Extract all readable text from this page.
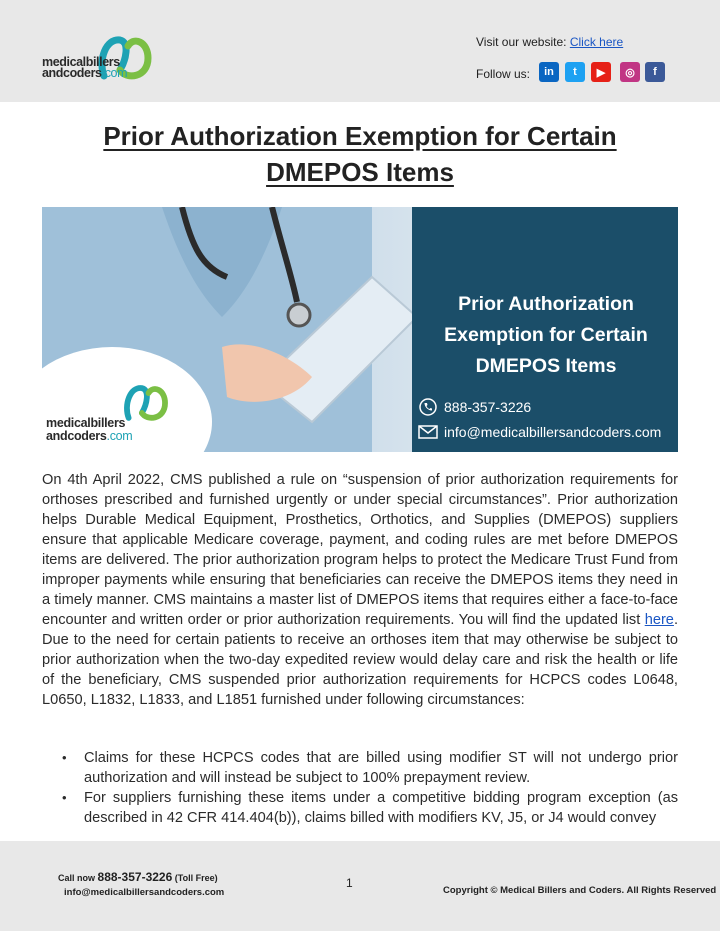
medicalbillers
andcoders.com
Visit our website: Click here
Follow us:	in	t	▶	◎	f
Prior Authorization Exemption for Certain
DMEPOS Items
Prior Authorization
Exemption for Certain
DMEPOS Items
888-357-3226
info@medicalbillersandcoders.com
medicalbillers
andcoders.com
On 4th April 2022, CMS published a rule on “suspension of prior authorization requirements for orthoses prescribed and furnished urgently or under special circumstances”. Prior authorization helps Durable Medical Equipment, Prosthetics, Orthotics, and Supplies (DMEPOS) suppliers ensure that applicable Medicare coverage, payment, and coding rules are met before DMEPOS items are delivered. The prior authorization program helps to protect the Medicare Trust Fund from improper payments while ensuring that beneficiaries can receive the DMEPOS items they need in a timely manner. CMS maintains a master list of DMEPOS items that requires either a face-to-face encounter and written order or prior authorization requirements. You will find the updated list here. Due to the need for certain patients to receive an orthoses item that may otherwise be subject to prior authorization when the two-day expedited review would delay care and risk the health or life of the beneficiary, CMS suspended prior authorization requirements for HCPCS codes L0648, L0650, L1832, L1833, and L1851 furnished under following circumstances:
• Claims for these HCPCS codes that are billed using modifier ST will not undergo prior authorization and will instead be subject to 100% prepayment review.
• For suppliers furnishing these items under a competitive bidding program exception (as described in 42 CFR 414.404(b)), claims billed with modifiers KV, J5, or J4 would convey
Call now 888-357-3226 (Toll Free)
info@medicalbillersandcoders.com
1
Copyright © Medical Billers and Coders. All Rights Reserved
